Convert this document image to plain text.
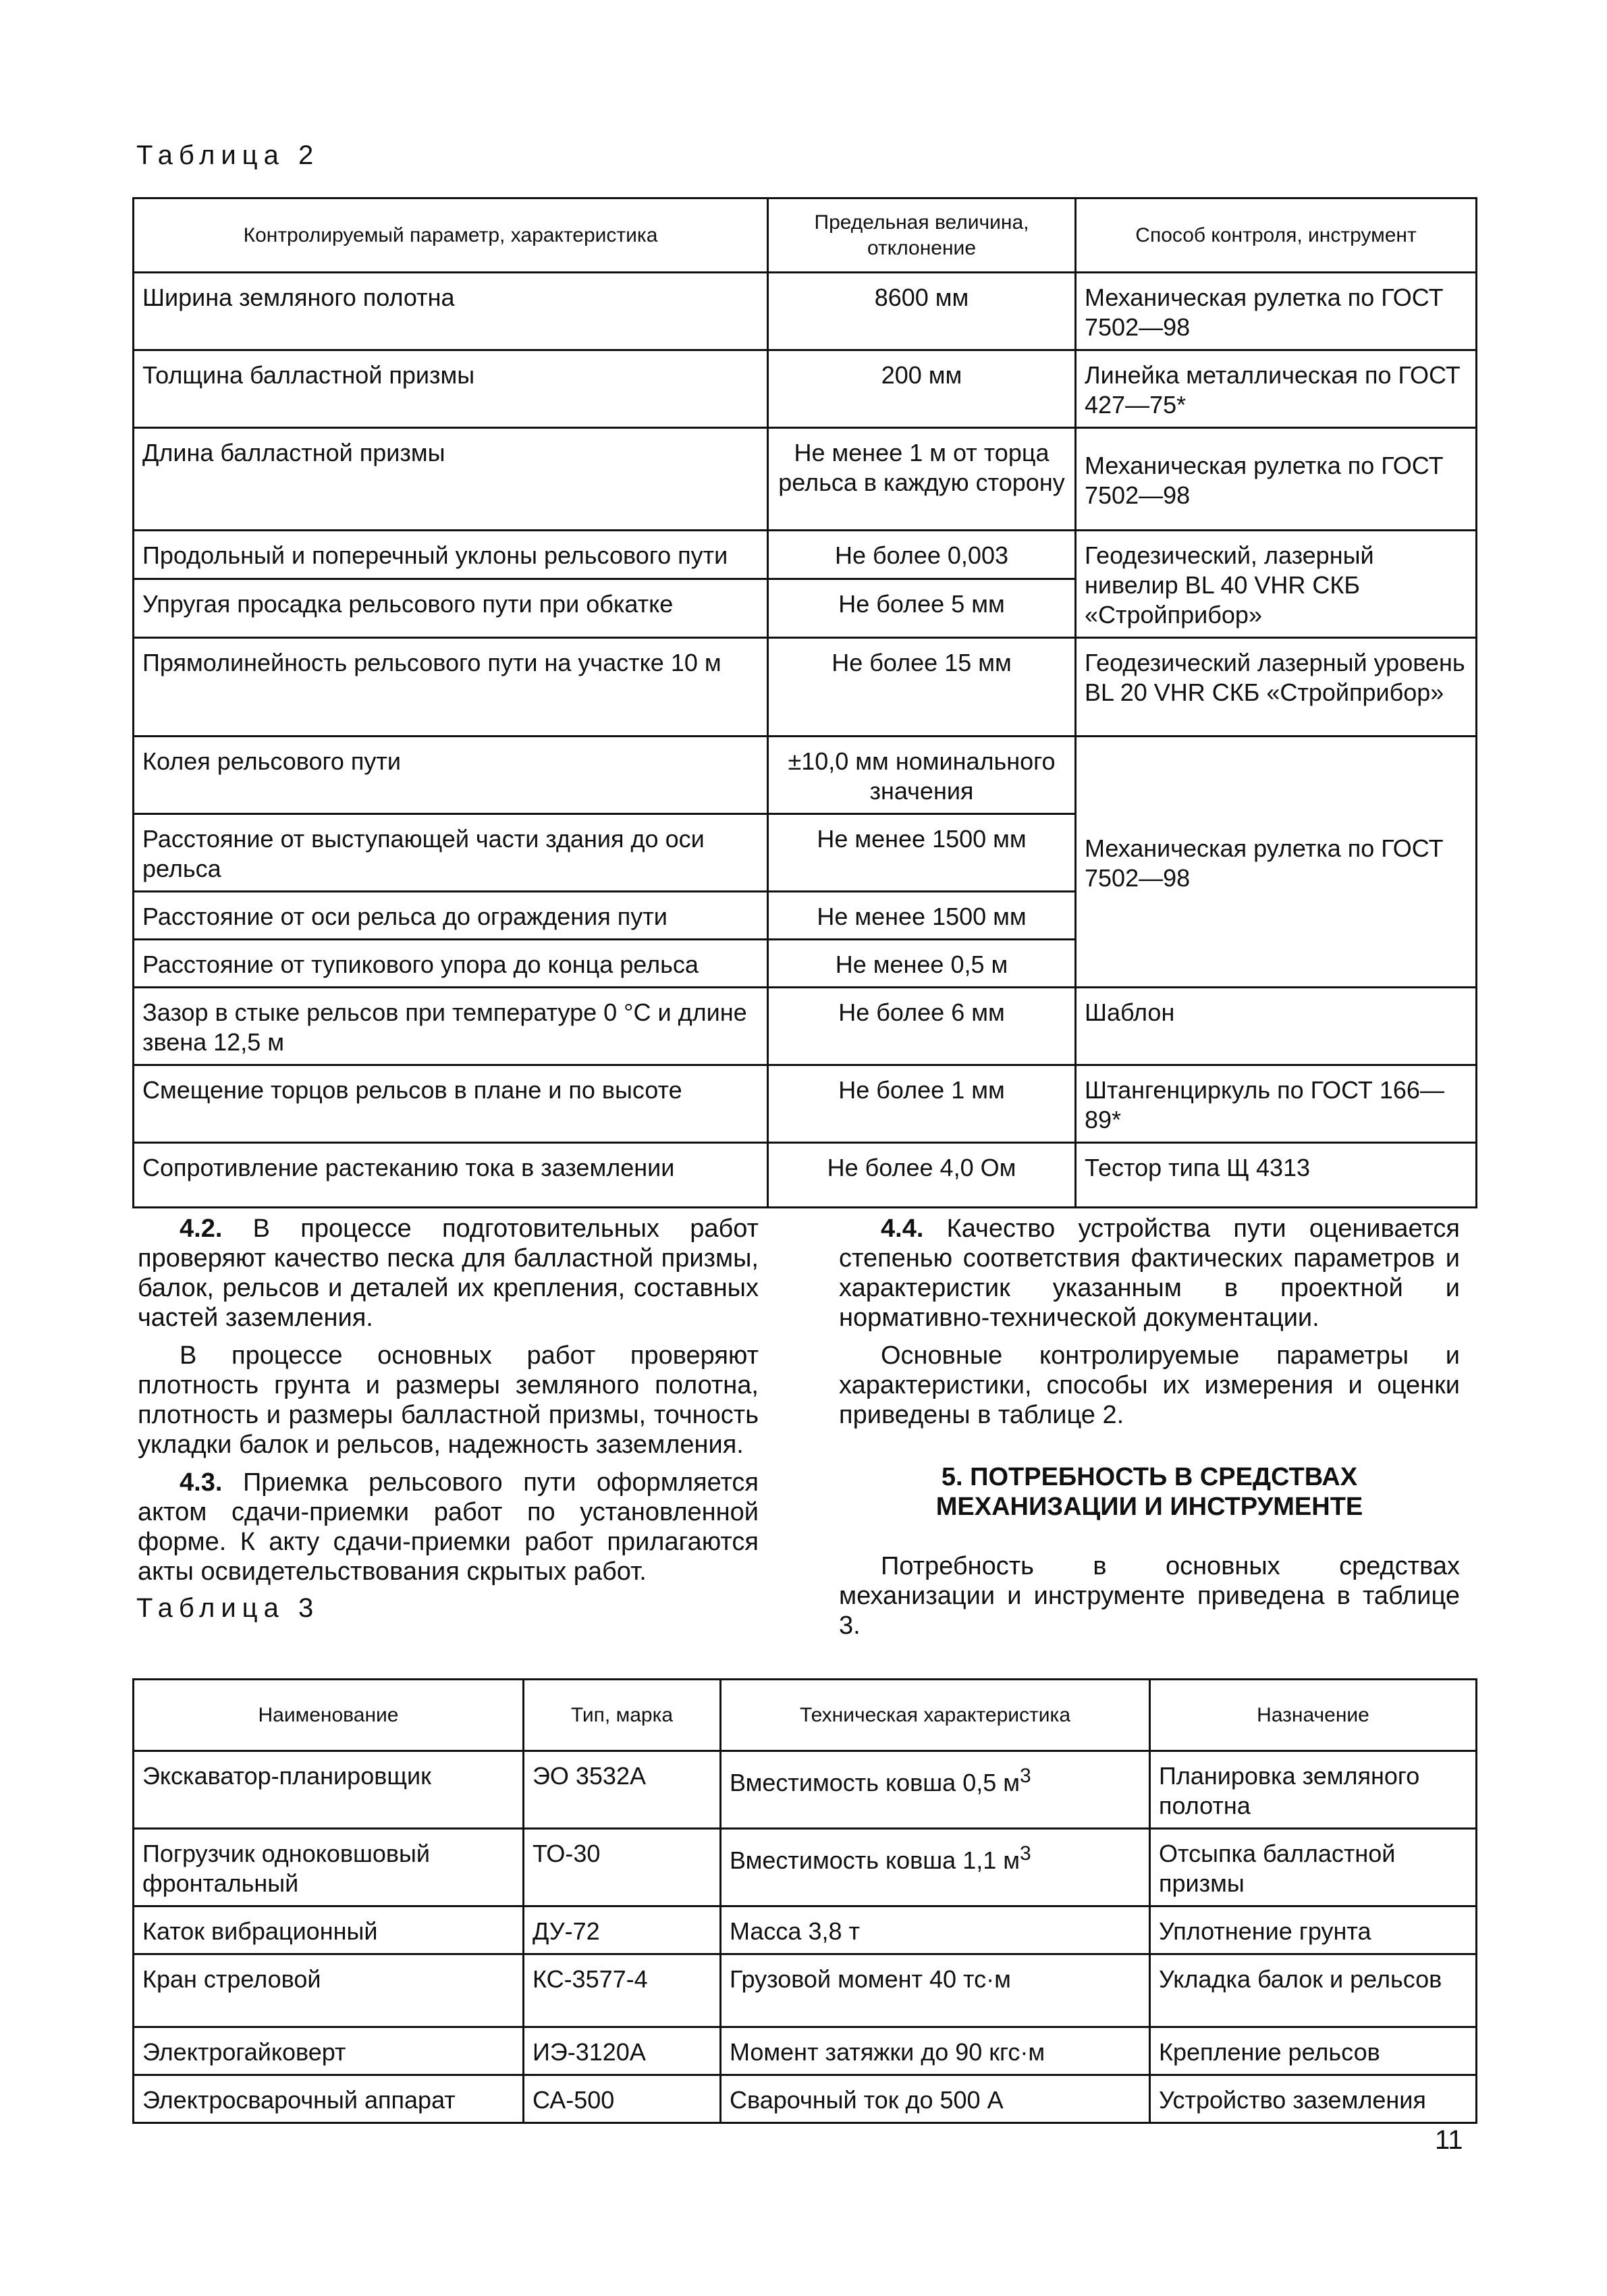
Таблица 2
Контролируемый параметр, характеристика	Предельная величина, отклонение	Способ контроля, инструмент
Ширина земляного полотна	8600 мм	Механическая рулетка по ГОСТ 7502—98
Толщина балластной призмы	200 мм	Линейка металлическая по ГОСТ 427—75*
Длина балластной призмы	Не менее 1 м от торца рельса в каждую сторону	Механическая рулетка по ГОСТ 7502—98
Продольный и поперечный уклоны рельсового пути	Не более 0,003	Геодезический, лазерный нивелир BL 40 VHR СКБ «Стройприбор»
Упругая просадка рельсового пути при обкатке	Не более 5 мм	
Прямолинейность рельсового пути на участке 10 м	Не более 15 мм	Геодезический лазерный уровень BL 20 VHR СКБ «Стройприбор»
Колея рельсового пути	±10,0 мм номинального значения	Механическая рулетка по ГОСТ 7502—98
Расстояние от выступающей части здания до оси рельса	Не менее 1500 мм	
Расстояние от оси рельса до ограждения пути	Не менее 1500 мм	
Расстояние от тупикового упора до конца рельса	Не менее 0,5 м	
Зазор в стыке рельсов при температуре 0 °С и длине звена 12,5 м	Не более 6 мм	Шаблон
Смещение торцов рельсов в плане и по высоте	Не более 1 мм	Штангенциркуль по ГОСТ 166—89*
Сопротивление растеканию тока в заземлении	Не более 4,0 Ом	Тестор типа Щ 4313

4.2. В процессе подготовительных работ проверяют качество песка для балластной призмы, балок, рельсов и деталей их крепления, составных частей заземления.

В процессе основных работ проверяют плотность грунта и размеры земляного полотна, плотность и размеры балластной призмы, точность укладки балок и рельсов, надежность заземления.

4.3. Приемка рельсового пути оформляется актом сдачи-приемки работ по установленной форме. К акту сдачи-приемки работ прилагаются акты освидетельствования скрытых работ.

4.4. Качество устройства пути оценивается степенью соответствия фактических параметров и характеристик указанным в проектной и нормативно-технической документации.

Основные контролируемые параметры и характеристики, способы их измерения и оценки приведены в таблице 2.

5. ПОТРЕБНОСТЬ В СРЕДСТВАХ
МЕХАНИЗАЦИИ И ИНСТРУМЕНТЕ

Потребность в основных средствах механизации и инструменте приведена в таблице 3.

Таблица 3
Наименование	Тип, марка	Техническая характеристика	Назначение
Экскаватор-планировщик	ЭО 3532А	Вместимость ковша 0,5 $м^3$	Планировка земляного полотна
Погрузчик одноковшовый фронтальный	ТО-30	Вместимость ковша 1,1 $м^3$	Отсыпка балластной призмы
Каток вибрационный	ДУ-72	Масса 3,8 т	Уплотнение грунта
Кран стреловой	КС-3577-4	Грузовой момент 40 тс·м	Укладка балок и рельсов
Электрогайковерт	ИЭ-3120А	Момент затяжки до 90 кгс·м	Крепление рельсов
Электросварочный аппарат	СА-500	Сварочный ток до 500 А	Устройство заземления
11
